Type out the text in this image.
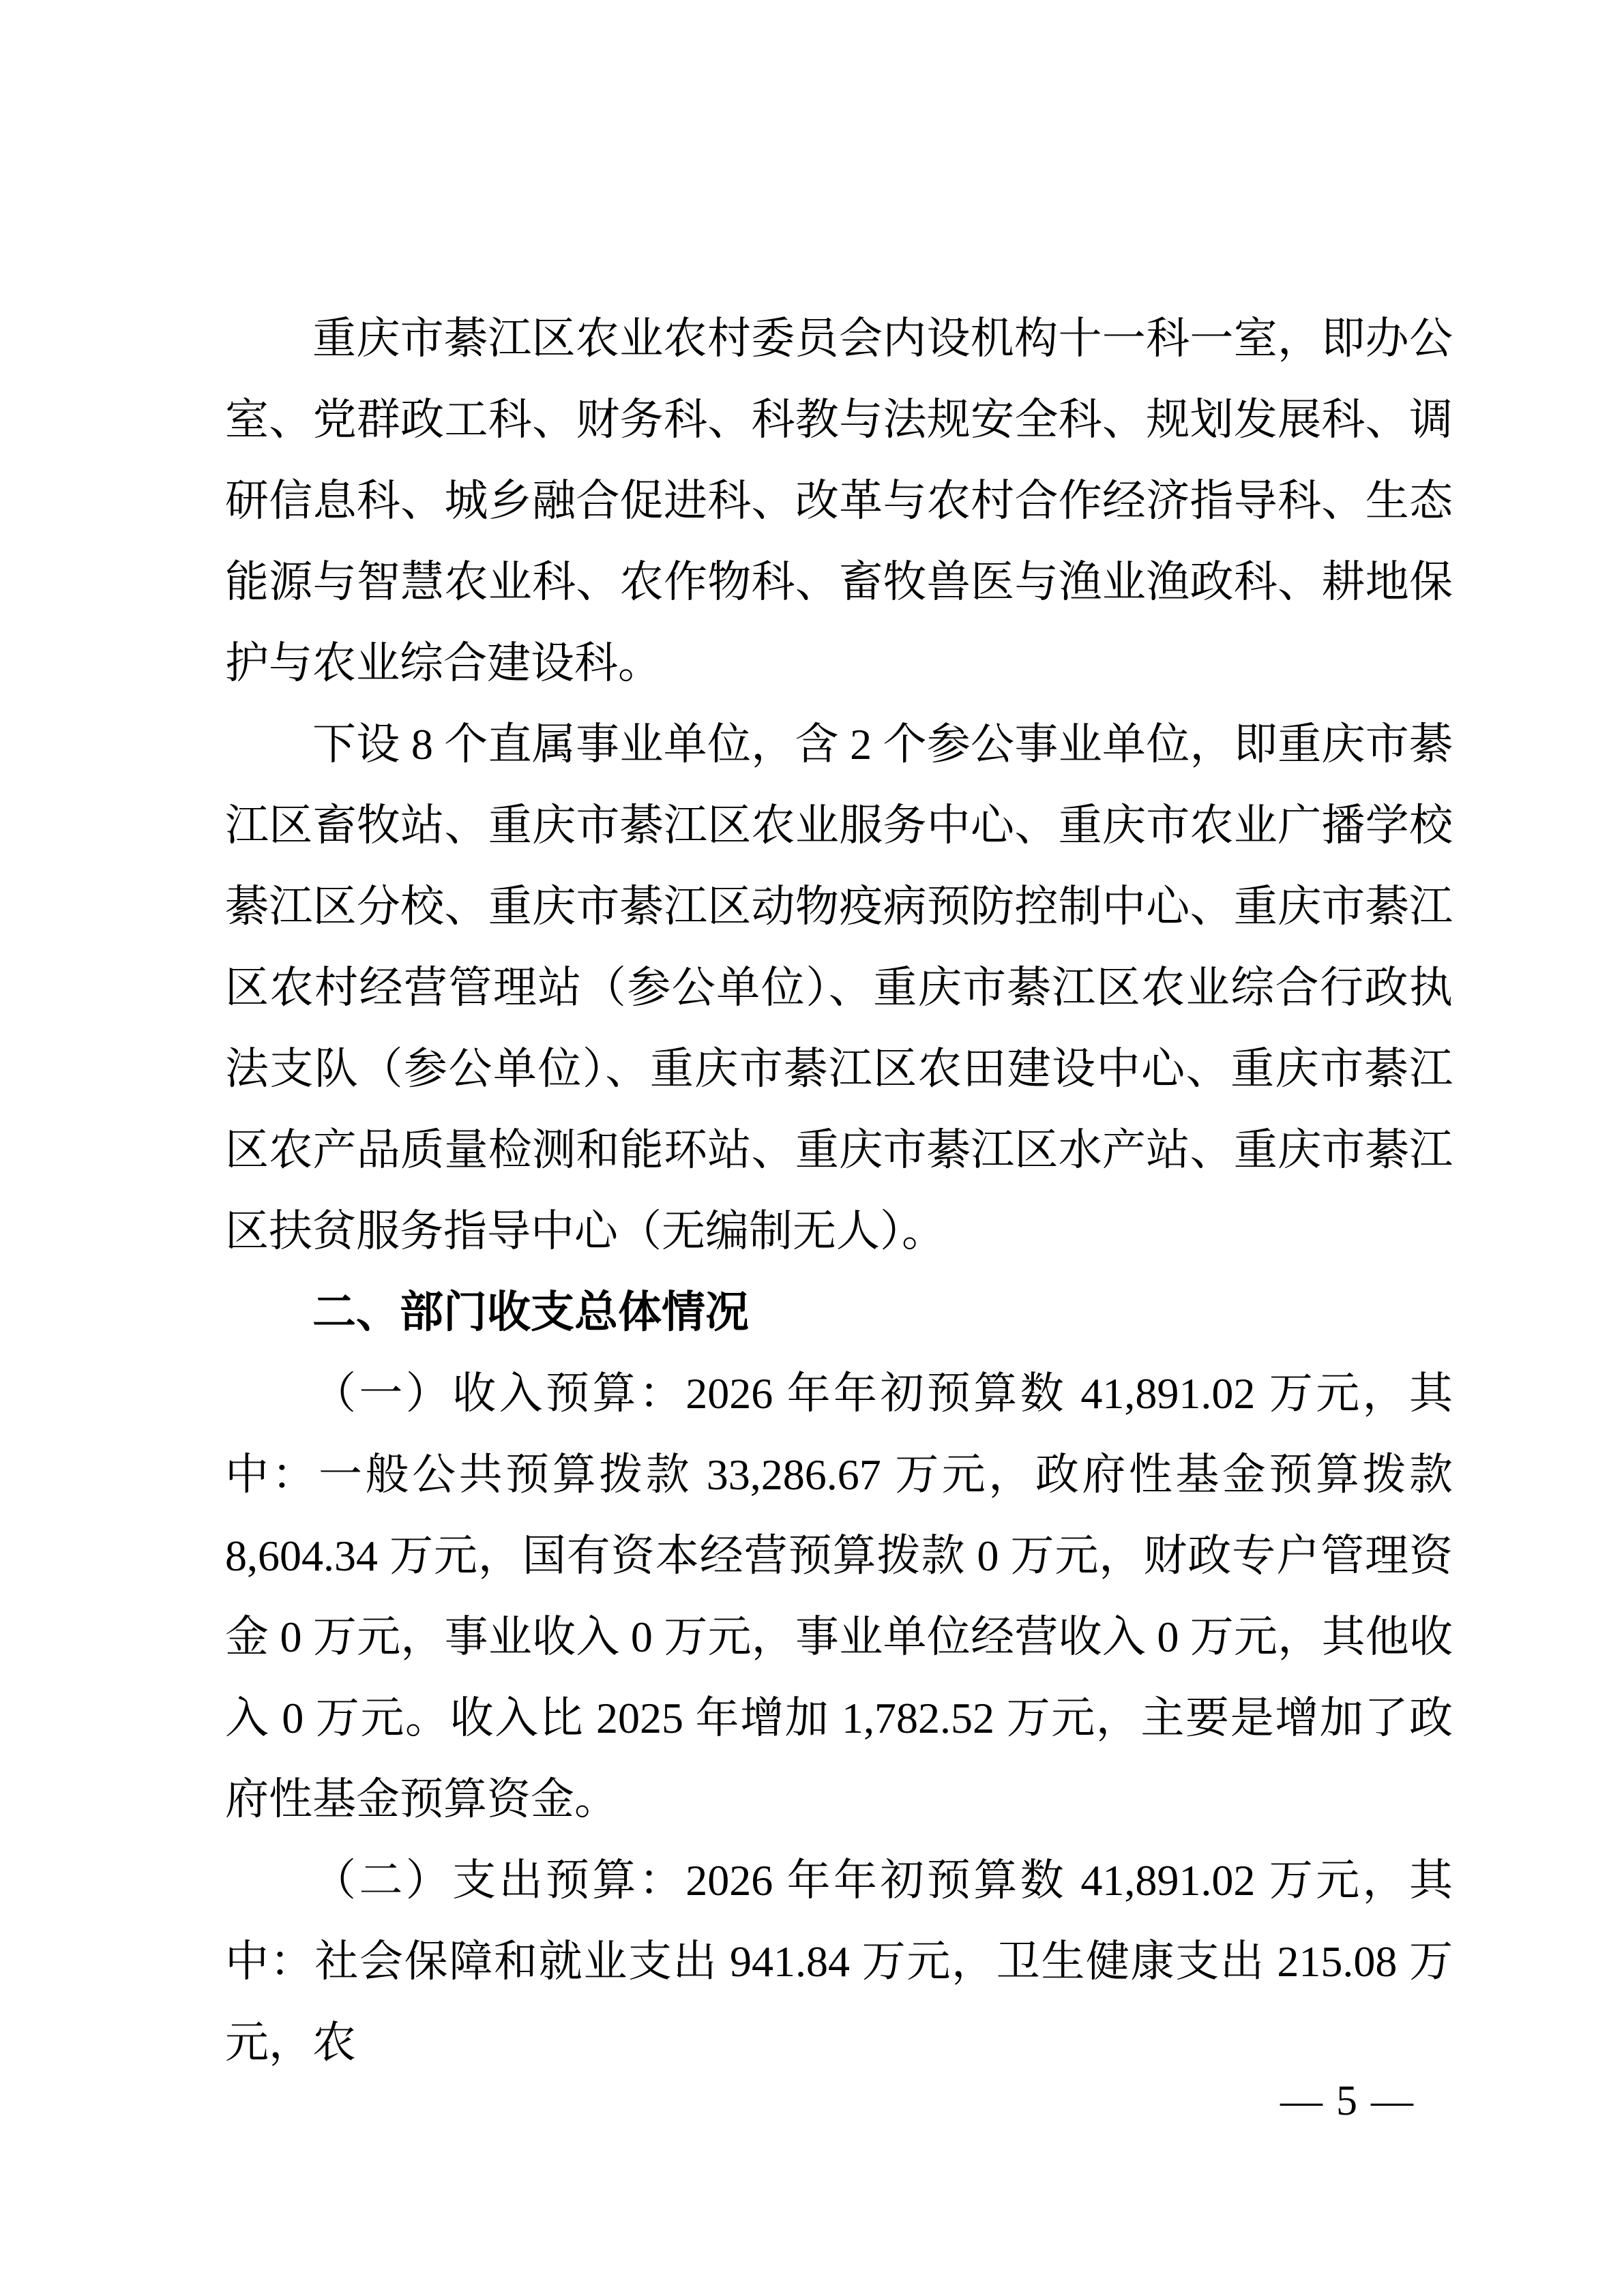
重庆市綦江区农业农村委员会内设机构十一科一室，即办公室、党群政工科、财务科、科教与法规安全科、规划发展科、调研信息科、城乡融合促进科、改革与农村合作经济指导科、生态能源与智慧农业科、农作物科、畜牧兽医与渔业渔政科、耕地保护与农业综合建设科。

下设 8 个直属事业单位，含 2 个参公事业单位，即重庆市綦江区畜牧站、重庆市綦江区农业服务中心、重庆市农业广播学校綦江区分校、重庆市綦江区动物疫病预防控制中心、重庆市綦江区农村经营管理站（参公单位）、重庆市綦江区农业综合行政执法支队（参公单位）、重庆市綦江区农田建设中心、重庆市綦江区农产品质量检测和能环站、重庆市綦江区水产站、重庆市綦江区扶贫服务指导中心（无编制无人）。

二、部门收支总体情况

（一）收入预算：2026 年年初预算数 41,891.02 万元，其中：一般公共预算拨款 33,286.67 万元，政府性基金预算拨款 8,604.34 万元，国有资本经营预算拨款 0 万元，财政专户管理资金 0 万元，事业收入 0 万元，事业单位经营收入 0 万元，其他收入 0 万元。收入比 2025 年增加 1,782.52 万元，主要是增加了政府性基金预算资金。

（二）支出预算：2026 年年初预算数 41,891.02 万元，其中：社会保障和就业支出 941.84 万元，卫生健康支出 215.08 万元，农

— 5 —
